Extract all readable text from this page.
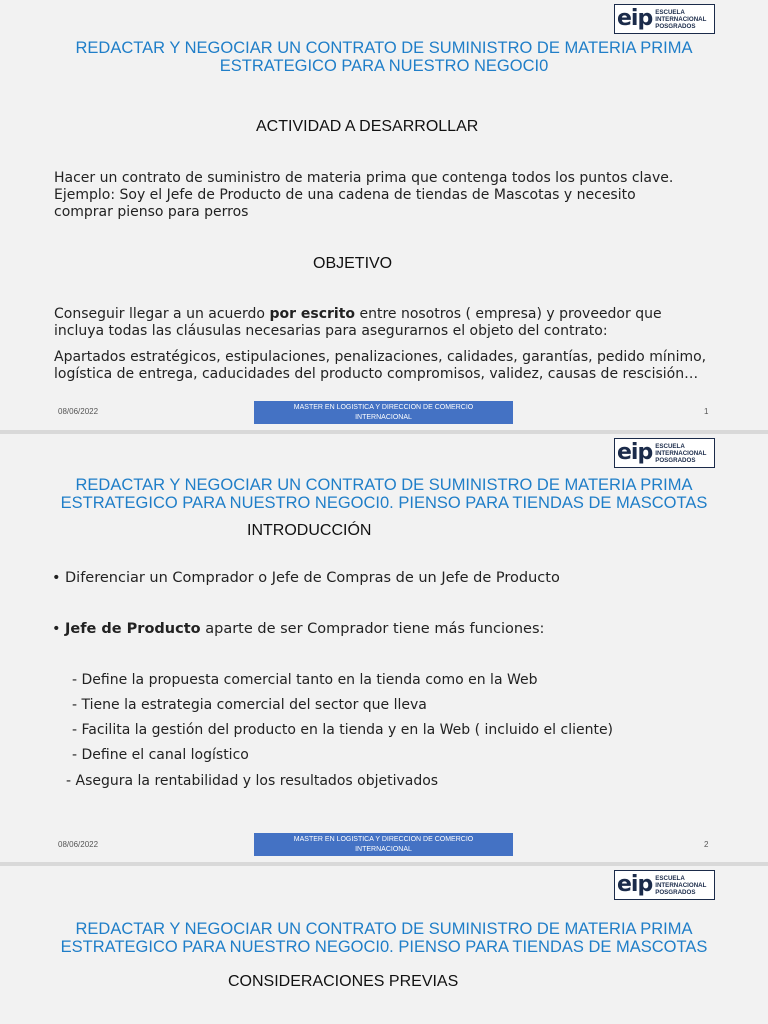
eip ESCUELA
INTERNACIONAL
POSGRADOS
REDACTAR Y NEGOCIAR UN CONTRATO DE SUMINISTRO DE MATERIA PRIMA
ESTRATEGICO PARA NUESTRO NEGOCI0
ACTIVIDAD A DESARROLLAR

Hacer un contrato de suministro de materia prima que contenga todos los puntos clave.
Ejemplo: Soy el Jefe de Producto de una cadena de tiendas de Mascotas y necesito
comprar pienso para perros

OBJETIVO

Conseguir llegar a un acuerdo por escrito entre nosotros ( empresa) y proveedor que
incluya todas las cláusulas necesarias para asegurarnos el objeto del contrato:

Apartados estratégicos, estipulaciones, penalizaciones, calidades, garantías, pedido mínimo,
logística de entrega, caducidades del producto compromisos, validez, causas de rescisión…

08/06/2022	MASTER EN LOGISTICA Y DIRECCION DE COMERCIO
INTERNACIONAL
1
eip ESCUELA
INTERNACIONAL
POSGRADOS
REDACTAR Y NEGOCIAR UN CONTRATO DE SUMINISTRO DE MATERIA PRIMA
ESTRATEGICO PARA NUESTRO NEGOCI0. PIENSO PARA TIENDAS DE MASCOTAS
INTRODUCCIÓN

• Diferenciar un Comprador o Jefe de Compras de un Jefe de Producto

• Jefe de Producto aparte de ser Comprador tiene más funciones:

- Define la propuesta comercial tanto en la tienda como en la Web

- Tiene la estrategia comercial del sector que lleva

- Facilita la gestión del producto en la tienda y en la Web ( incluido el cliente)

- Define el canal logístico

- Asegura la rentabilidad y los resultados objetivados

08/06/2022
MASTER EN LOGISTICA Y DIRECCION DE COMERCIO
INTERNACIONAL	2
eip ESCUELA
INTERNACIONAL
POSGRADOS
REDACTAR Y NEGOCIAR UN CONTRATO DE SUMINISTRO DE MATERIA PRIMA
ESTRATEGICO PARA NUESTRO NEGOCI0. PIENSO PARA TIENDAS DE MASCOTAS
CONSIDERACIONES PREVIAS
